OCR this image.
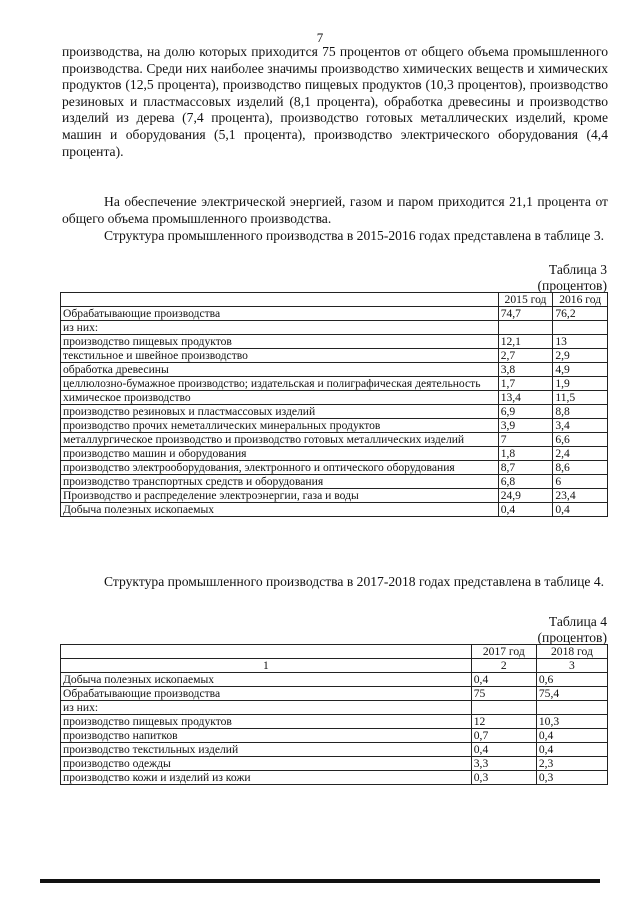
7

производства, на долю которых приходится 75 процентов от общего объема промышленного производства. Среди них наиболее значимы производство химических веществ и химических продуктов (12,5 процента), производство пищевых продуктов (10,3 процентов), производство резиновых и пластмассовых изделий (8,1 процента), обработка древесины и производство изделий из дерева (7,4 процента), производство готовых металлических изделий, кроме машин и оборудования (5,1 процента), производство электрического оборудования (4,4 процента).

На обеспечение электрической энергией, газом и паром приходится 21,1 процента от общего объема промышленного производства.

Структура промышленного производства в 2015-2016 годах представлена в таблице 3.

Таблица 3
(процентов)
	2015 год	2016 год
Обрабатывающие производства	74,7	76,2
из них:		
производство пищевых продуктов	12,1	13
текстильное и швейное производство	2,7	2,9
обработка древесины	3,8	4,9
целлюлозно-бумажное производство; издательская и полиграфическая деятельность	1,7	1,9
химическое производство	13,4	11,5
производство резиновых и пластмассовых изделий	6,9	8,8
производство прочих неметаллических минеральных продуктов	3,9	3,4
металлургическое производство и производство готовых металлических изделий	7	6,6
производство машин и оборудования	1,8	2,4
производство электрооборудования, электронного и оптического оборудования	8,7	8,6
производство транспортных средств и оборудования	6,8	6
Производство и распределение электроэнергии, газа и воды	24,9	23,4
Добыча полезных ископаемых	0,4	0,4

Структура промышленного производства в 2017-2018 годах представлена в таблице 4.

Таблица 4
(процентов)
	2017 год	2018 год
1	2	3
Добыча полезных ископаемых	0,4	0,6
Обрабатывающие производства	75	75,4
из них:		
производство пищевых продуктов	12	10,3
производство напитков	0,7	0,4
производство текстильных изделий	0,4	0,4
производство одежды	3,3	2,3
производство кожи и изделий из кожи	0,3	0,3
